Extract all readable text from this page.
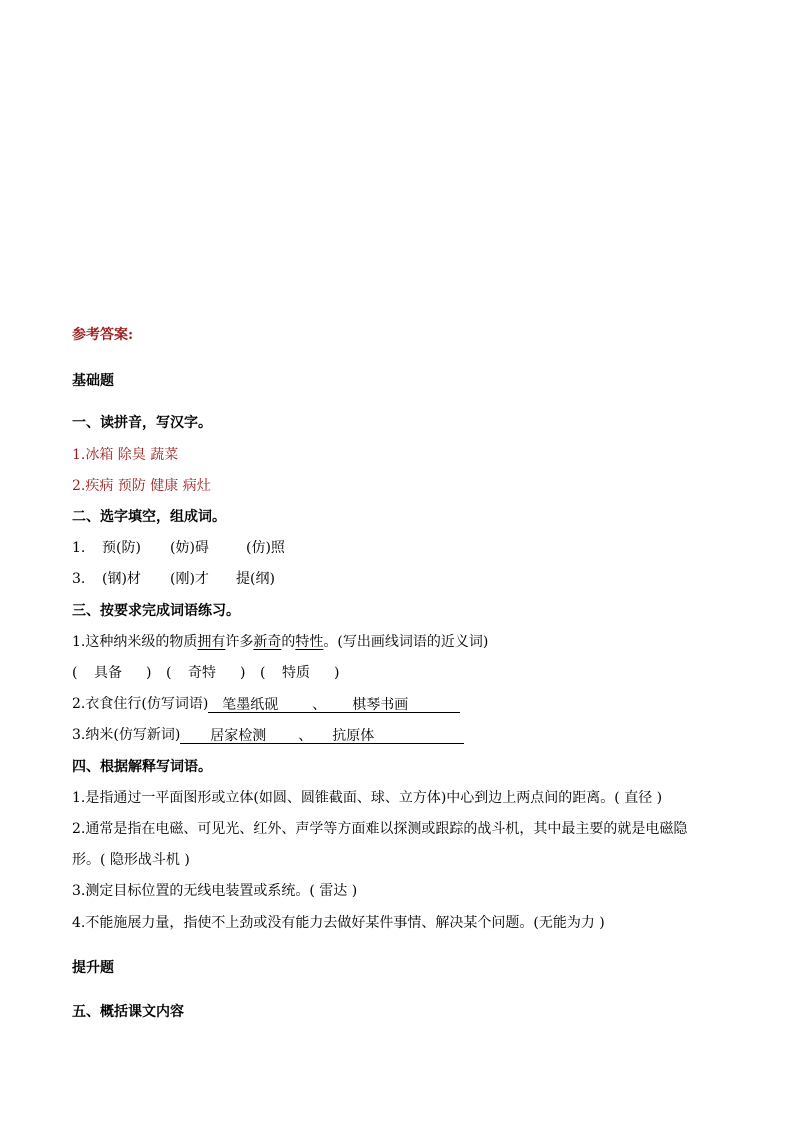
参考答案:
基础题
一、读拼音，写汉字。
1.冰箱 除臭 蔬菜
2.疾病 预防 健康 病灶
二、选字填空，组成词。
1. 预(防) (妨)碍	(仿)照
3. (钢)材 (刚)才 提(纲)
三、按要求完成词语练习。
1.这种纳米级的物质拥有许多新奇的特性。(写出画线词语的近义词)
( 具备 ) ( 奇特 ) ( 特质 )
2.衣食住行(仿写词语) 笔墨纸砚 、 棋琴书画
3.纳米(仿写新词) 居家检测 、 抗原体
四、根据解释写词语。
1.是指通过一平面图形或立体(如圆、圆锥截面、球、立方体)中心到边上两点间的距离。( 直径 )
2.通常是指在电磁、可见光、红外、声学等方面难以探测或跟踪的战斗机，其中最主要的就是电磁隐
形。( 隐形战斗机 )
3.测定目标位置的无线电装置或系统。( 雷达 )
4.不能施展力量，指使不上劲或没有能力去做好某件事情、解决某个问题。(无能为力 )
提升题
五、概括课文内容
